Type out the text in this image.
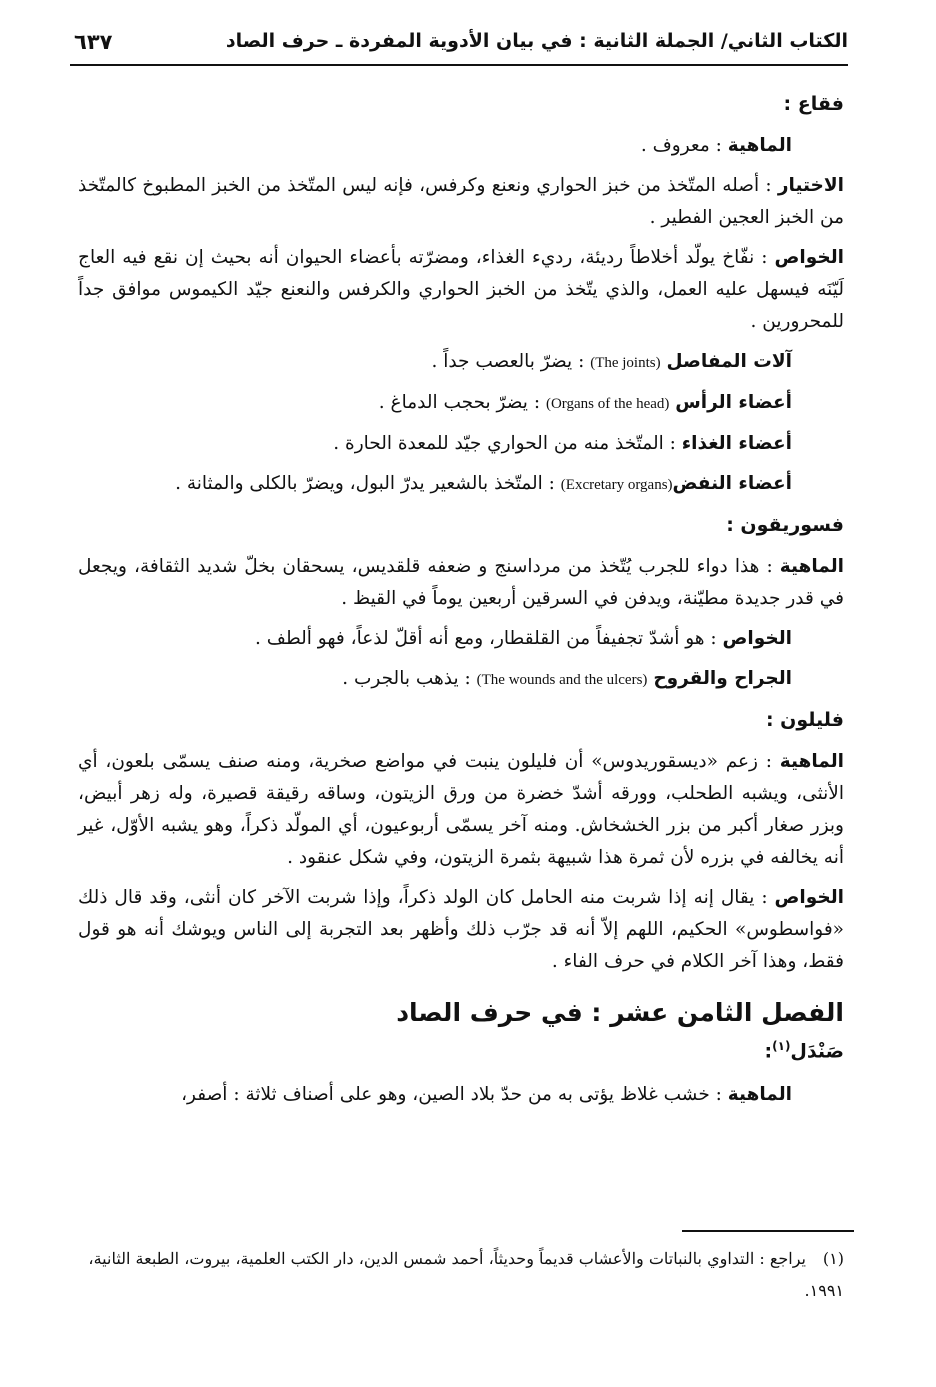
الكتاب الثاني/ الجملة الثانية : في بيان الأدوية المفردة ـ حرف الصاد
٦٣٧
فقاع :

الماهية : معروف .

الاختيار : أصله المتّخذ من خبز الحواري ونعنع وكرفس، فإنه ليس المتّخذ من الخبز المطبوخ كالمتّخذ من الخبز العجين الفطير .

الخواص : نفّاخ يولّد أخلاطاً رديئة، رديء الغذاء، ومضرّته بأعضاء الحيوان أنه بحيث إن نقع فيه العاج لَيّنَه فيسهل عليه العمل، والذي يتّخذ من الخبز الحواري والكرفس والنعنع جيّد الكيموس موافق جداً للمحرورين .

آلات المفاصل (The joints) : يضرّ بالعصب جداً .

أعضاء الرأس (Organs of the head) : يضرّ بحجب الدماغ .

أعضاء الغذاء : المتّخذ منه من الحواري جيّد للمعدة الحارة .

أعضاء النفض(Excretary organs) : المتّخذ بالشعير يدرّ البول، ويضرّ بالكلى والمثانة .

فسوريقون :

الماهية : هذا دواء للجرب يُتّخذ من مرداسنج و ضعفه قلقديس، يسحقان بخلّ شديد الثقافة، ويجعل في قدر جديدة مطيّنة، ويدفن في السرقين أربعين يوماً في القيظ .

الخواص : هو أشدّ تجفيفاً من القلقطار، ومع أنه أقلّ لذعاً، فهو ألطف .

الجراح والقروح (The wounds and the ulcers) : يذهب بالجرب .

فليلون :

الماهية : زعم «ديسقوريدوس» أن فليلون ينبت في مواضع صخرية، ومنه صنف يسمّى بلعون، أي الأنثى، ويشبه الطحلب، وورقه أشدّ خضرة من ورق الزيتون، وساقه رقيقة قصيرة، وله زهر أبيض، وبزر صغار أكبر من بزر الخشخاش. ومنه آخر يسمّى أربوعيون، أي المولّد ذكراً، وهو يشبه الأوّل، غير أنه يخالفه في بزره لأن ثمرة هذا شبيهة بثمرة الزيتون، وفي شكل عنقود .

الخواص : يقال إنه إذا شربت منه الحامل كان الولد ذكراً، وإذا شربت الآخر كان أنثى، وقد قال ذلك «فواسطوس» الحكيم، اللهم إلاّ أنه قد جرّب ذلك وأظهر بعد التجربة إلى الناس ويوشك أنه هو قول فقط، وهذا آخر الكلام في حرف الفاء .

الفصل الثامن عشر : في حرف الصاد
صَنْدَل$^{(١)}$:

الماهية : خشب غلاظ يؤتى به من حدّ بلاد الصين، وهو على أصناف ثلاثة : أصفر،

(١)يراجع : التداوي بالنباتات والأعشاب قديماً وحديثاً، أحمد شمس الدين، دار الكتب العلمية، بيروت، الطبعة الثانية، ١٩٩١.
